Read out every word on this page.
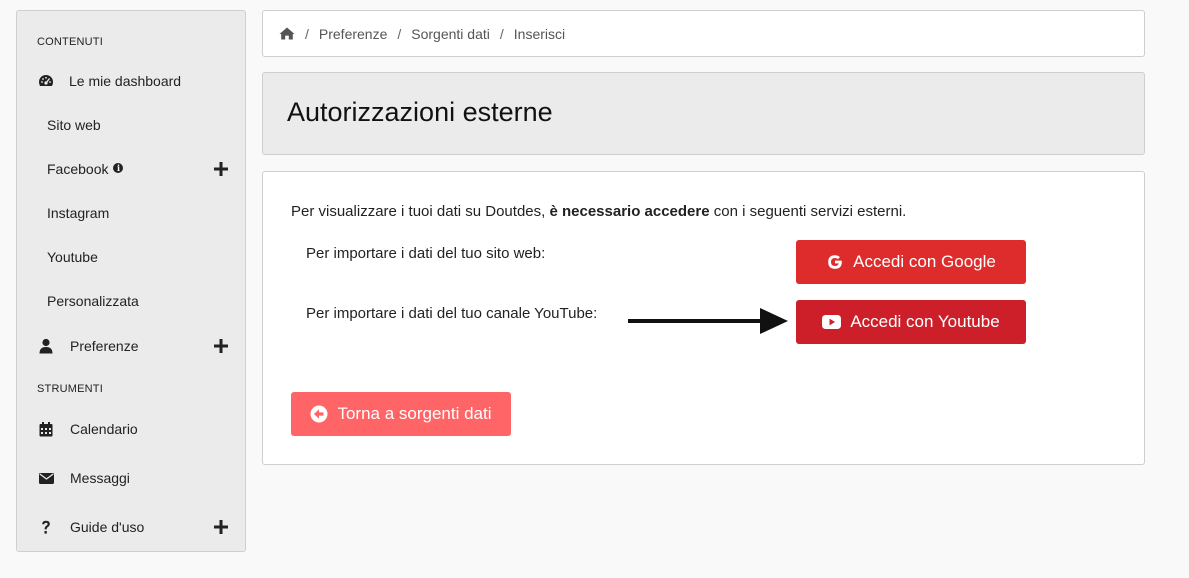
CONTENUTI
Le mie dashboard
Sito web
Facebook i
Instagram
Youtube
Personalizzata
Preferenze
STRUMENTI
Calendario
Messaggi
Guide d'uso
/ Preferenze / Sorgenti dati / Inserisci
Autorizzazioni esterne
Per visualizzare i tuoi dati su Doutdes, è necessario accedere con i seguenti servizi esterni.
Per importare i dati del tuo sito web:	Accedi con Google
Per importare i dati del tuo canale YouTube:	Accedi con Youtube
Torna a sorgenti dati
